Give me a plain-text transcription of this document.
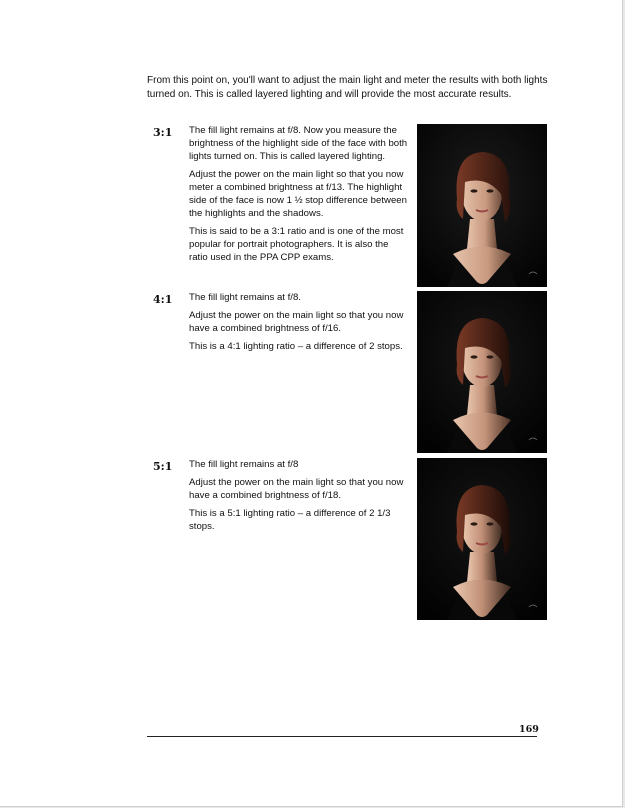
From this point on, you'll want to adjust the main light and meter the results with both lights turned on. This is called layered lighting and will provide the most accurate results.

3:1 The fill light remains at f/8. Now you measure the brightness of the highlight side of the face with both lights turned on. This is called layered lighting.

Adjust the power on the main light so that you now meter a combined brightness at f/13. The highlight side of the face is now 1 ½ stop difference between the highlights and the shadows.

This is said to be a 3:1 ratio and is one of the most popular for portrait photographers. It is also the ratio used in the PPA CPP exams.

4:1 The fill light remains at f/8.

Adjust the power on the main light so that you now have a combined brightness of f/16.

This is a 4:1 lighting ratio – a difference of 2 stops.

5:1 The fill light remains at f/8

Adjust the power on the main light so that you now have a combined brightness of f/18.

This is a 5:1 lighting ratio – a difference of 2 1/3 stops.

169
